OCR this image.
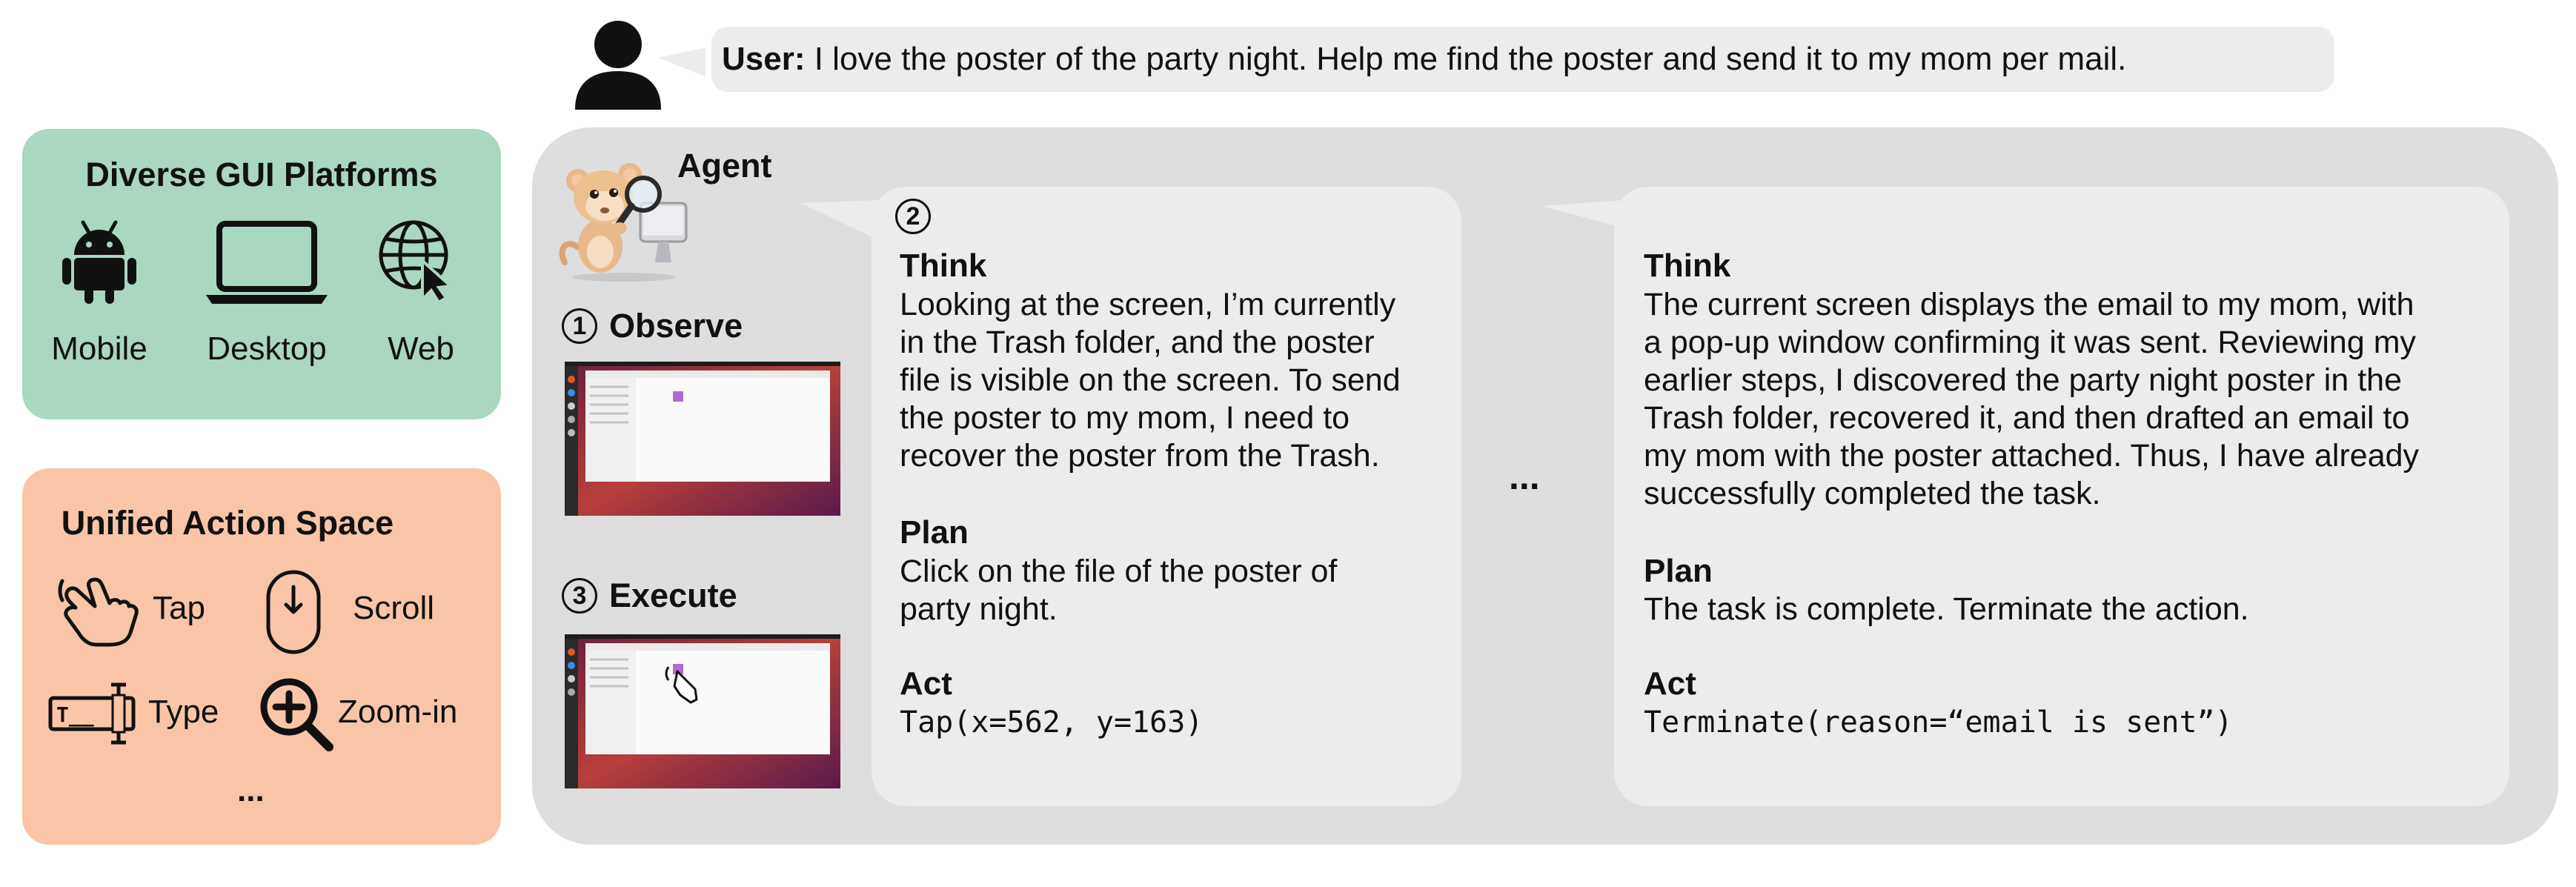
User: I love the poster of the party night. Help me find the poster and send it to my mom per mail.
Diverse GUI Platforms
Mobile	Desktop	Web
Unified Action Space
Tap	Scroll
T__ Type	Zoom-in
...
Agent
1 Observe
3 Execute
2
Think
Looking at the screen, I’m currently
in the Trash folder, and the poster
file is visible on the screen. To send
the poster to my mom, I need to
recover the poster from the Trash.
Plan
Click on the file of the poster of
party night.
Act
Tap(x=562, y=163)
...
Think
The current screen displays the email to my mom, with
a pop-up window confirming it was sent. Reviewing my
earlier steps, I discovered the party night poster in the
Trash folder, recovered it, and then drafted an email to
my mom with the poster attached. Thus, I have already
successfully completed the task.
Plan
The task is complete. Terminate the action.
Act
Terminate(reason=“email is sent”)
